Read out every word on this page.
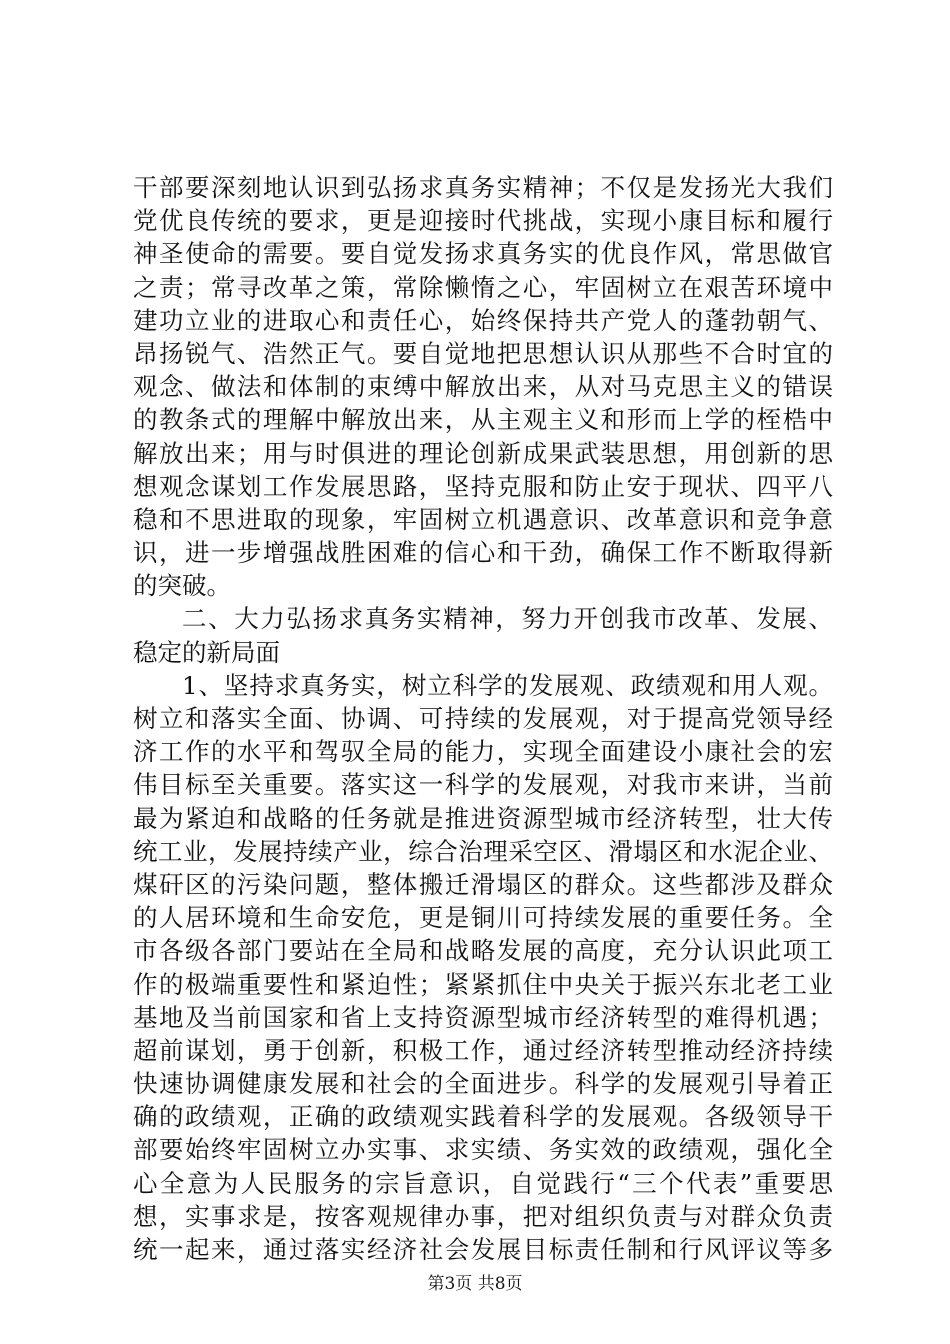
干部要深刻地认识到弘扬求真务实精神；不仅是发扬光大我们
党优良传统的要求，更是迎接时代挑战，实现小康目标和履行
神圣使命的需要。要自觉发扬求真务实的优良作风，常思做官
之责；常寻改革之策，常除懒惰之心，牢固树立在艰苦环境中
建功立业的进取心和责任心，始终保持共产党人的蓬勃朝气、
昂扬锐气、浩然正气。要自觉地把思想认识从那些不合时宜的
观念、做法和体制的束缚中解放出来，从对马克思主义的错误
的教条式的理解中解放出来，从主观主义和形而上学的桎梏中
解放出来；用与时俱进的理论创新成果武装思想，用创新的思
想观念谋划工作发展思路，坚持克服和防止安于现状、四平八
稳和不思进取的现象，牢固树立机遇意识、改革意识和竞争意
识，进一步增强战胜困难的信心和干劲，确保工作不断取得新
的突破。
二、大力弘扬求真务实精神，努力开创我市改革、发展、
稳定的新局面
1、坚持求真务实，树立科学的发展观、政绩观和用人观。
树立和落实全面、协调、可持续的发展观，对于提高党领导经
济工作的水平和驾驭全局的能力，实现全面建设小康社会的宏
伟目标至关重要。落实这一科学的发展观，对我市来讲，当前
最为紧迫和战略的任务就是推进资源型城市经济转型，壮大传
统工业，发展持续产业，综合治理采空区、滑塌区和水泥企业、
煤矸区的污染问题，整体搬迁滑塌区的群众。这些都涉及群众
的人居环境和生命安危，更是铜川可持续发展的重要任务。全
市各级各部门要站在全局和战略发展的高度，充分认识此项工
作的极端重要性和紧迫性；紧紧抓住中央关于振兴东北老工业
基地及当前国家和省上支持资源型城市经济转型的难得机遇；
超前谋划，勇于创新，积极工作，通过经济转型推动经济持续
快速协调健康发展和社会的全面进步。科学的发展观引导着正
确的政绩观，正确的政绩观实践着科学的发展观。各级领导干
部要始终牢固树立办实事、求实绩、务实效的政绩观，强化全
心全意为人民服务的宗旨意识，自觉践行“三个代表”重要思
想，实事求是，按客观规律办事，把对组织负责与对群众负责
统一起来，通过落实经济社会发展目标责任制和行风评议等多
第3页 共8页
